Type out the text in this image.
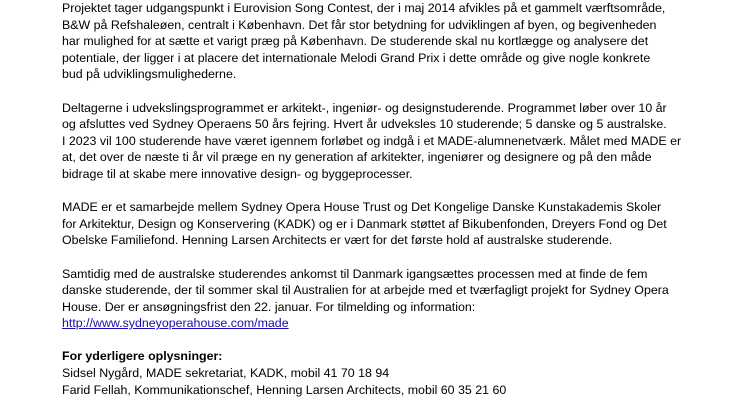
Projektet tager udgangspunkt i Eurovision Song Contest, der i maj 2014 afvikles på et gammelt værftsområde,
B&W på Refshaleøen, centralt i København. Det får stor betydning for udviklingen af byen, og begivenheden
har mulighed for at sætte et varigt præg på København. De studerende skal nu kortlægge og analysere det
potentiale, der ligger i at placere det internationale Melodi Grand Prix i dette område og give nogle konkrete
bud på udviklingsmulighederne.

Deltagerne i udvekslingsprogrammet er arkitekt-, ingeniør- og designstuderende. Programmet løber over 10 år
og afsluttes ved Sydney Operaens 50 års fejring. Hvert år udveksles 10 studerende; 5 danske og 5 australske.
I 2023 vil 100 studerende have været igennem forløbet og indgå i et MADE-alumnenetværk. Målet med MADE er
at, det over de næste ti år vil præge en ny generation af arkitekter, ingeniører og designere og på den måde
bidrage til at skabe mere innovative design- og byggeprocesser.

MADE er et samarbejde mellem Sydney Opera House Trust og Det Kongelige Danske Kunstakademis Skoler
for Arkitektur, Design og Konservering (KADK) og er i Danmark støttet af Bikubenfonden, Dreyers Fond og Det
Obelske Familiefond. Henning Larsen Architects er vært for det første hold af australske studerende.

Samtidig med de australske studerendes ankomst til Danmark igangsættes processen med at finde de fem
danske studerende, der til sommer skal til Australien for at arbejde med et tværfagligt projekt for Sydney Opera
House. Der er ansøgningsfrist den 22. januar. For tilmelding og information:
http://www.sydneyoperahouse.com/made

For yderligere oplysninger:
Sidsel Nygård, MADE sekretariat, KADK, mobil 41 70 18 94
Farid Fellah, Kommunikationschef, Henning Larsen Architects, mobil 60 35 21 60
